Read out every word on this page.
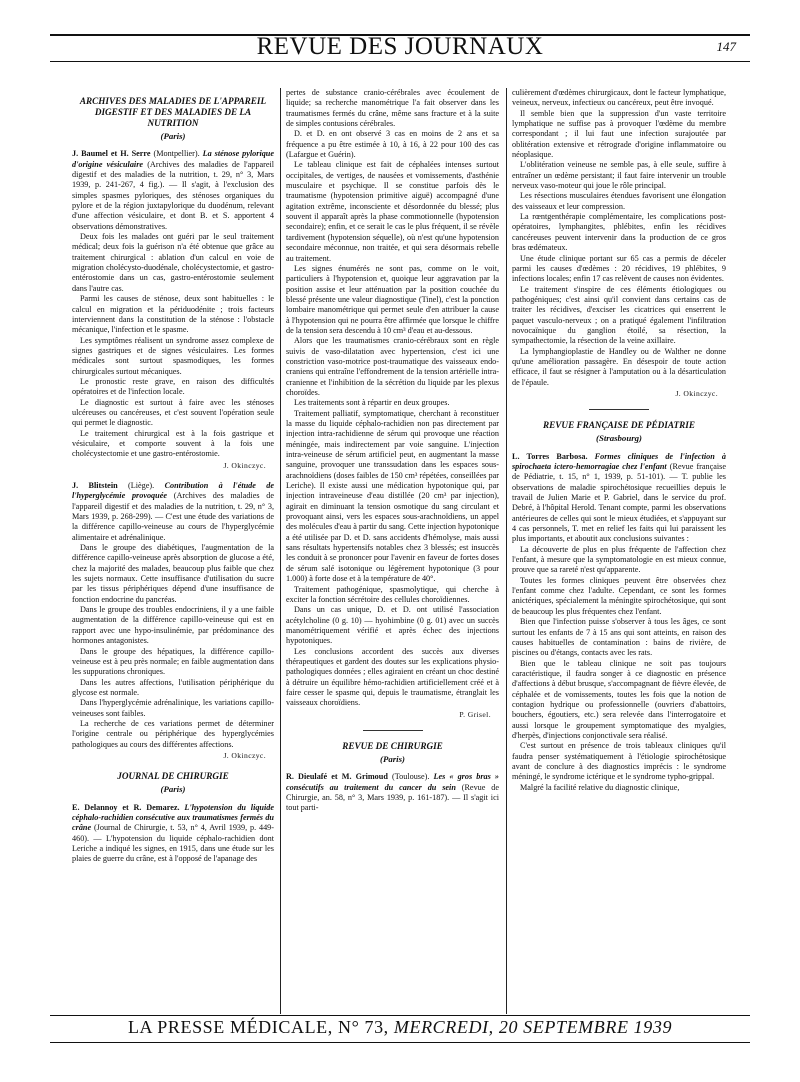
REVUE DES JOURNAUX	147
ARCHIVES DES MALADIES DE L'APPAREIL DIGESTIF ET DES MALADIES DE LA NUTRITION
(Paris)

J. Baumel et H. Serre (Montpellier). La sténose pylorique d'origine vésiculaire (Archives des maladies de l'appareil digestif et des maladies de la nutrition, t. 29, n° 3, Mars 1939, p. 241-267, 4 fig.). — Il s'agit, à l'exclusion des simples spasmes pyloriques, des sténoses organiques du pylore et de la région juxtapylorique du duodénum, relevant d'une affection vésiculaire, et dont B. et S. apportent 4 observations démonstratives.

Deux fois les malades ont guéri par le seul traitement médical; deux fois la guérison n'a été obtenue que grâce au traitement chirurgical : ablation d'un calcul en voie de migration cholécysto-duodénale, cholécystectomie, et gastro-entérostomie dans un cas, gastro-entérostomie seulement dans l'autre cas.

Parmi les causes de sténose, deux sont habituelles : le calcul en migration et la périduodénite ; trois facteurs interviennent dans la constitution de la sténose : l'obstacle mécanique, l'infection et le spasme.

Les symptômes réalisent un syndrome assez complexe de signes gastriques et de signes vésiculaires. Les formes médicales sont surtout spasmodiques, les formes chirurgicales surtout mécaniques.

Le pronostic reste grave, en raison des difficultés opératoires et de l'infection locale.

Le diagnostic est surtout à faire avec les sténoses ulcéreuses ou cancéreuses, et c'est souvent l'opération seule qui permet le diagnostic.

Le traitement chirurgical est à la fois gastrique et vésiculaire, et comporte souvent à la fois une cholécystectomie et une gastro-entérostomie.

J. Okinczyc.

J. Blitstein (Liège). Contribution à l'étude de l'hyperglycémie provoquée (Archives des maladies de l'appareil digestif et des maladies de la nutrition, t. 29, n° 3, Mars 1939, p. 268-299). — C'est une étude des variations de la différence capillo-veineuse au cours de l'hyperglycémie alimentaire et adrénalinique.

Dans le groupe des diabétiques, l'augmentation de la différence capillo-veineuse après absorption de glucose a été, chez la majorité des malades, beaucoup plus faible que chez les sujets normaux. Cette insuffisance d'utilisation du sucre par les tissus périphériques dépend d'une insuffisance de fonction endocrine du pancréas.

Dans le groupe des troubles endocriniens, il y a une faible augmentation de la différence capillo-veineuse qui est en rapport avec une hypo-insulinémie, par prédominance des hormones antagonistes.

Dans le groupe des hépatiques, la différence capillo-veineuse est à peu près normale; en faible augmentation dans les suppurations chroniques.

Dans les autres affections, l'utilisation périphérique du glycose est normale.

Dans l'hyperglycémie adrénalinique, les variations capillo-veineuses sont faibles.

La recherche de ces variations permet de déterminer l'origine centrale ou périphérique des hyperglycémies pathologiques au cours des différentes affections.

J. Okinczyc.
JOURNAL DE CHIRURGIE
(Paris)

E. Delannoy et R. Demarez. L'hypotension du liquide céphalo-rachidien consécutive aux traumatismes fermés du crâne (Journal de Chirurgie, t. 53, n° 4, Avril 1939, p. 449-460). — L'hypotension du liquide céphalo-rachidien dont Leriche a indiqué les signes, en 1915, dans une étude sur les plaies de guerre du crâne, est à l'opposé de l'apanage des

pertes de substance cranio-cérébrales avec écoulement de liquide; sa recherche manométrique l'a fait observer dans les traumatismes fermés du crâne, même sans fracture et à la suite de simples contusions cérébrales.

D. et D. en ont observé 3 cas en moins de 2 ans et sa fréquence a pu être estimée à 10, à 16, à 22 pour 100 des cas (Lafargue et Guérin).

Le tableau clinique est fait de céphalées intenses surtout occipitales, de vertiges, de nausées et vomissements, d'asthénie musculaire et psychique. Il se constitue parfois dès le traumatisme (hypotension primitive aiguë) accompagné d'une agitation extrême, inconsciente et désordonnée du blessé; plus souvent il apparaît après la phase commotionnelle (hypotension secondaire); enfin, et ce serait le cas le plus fréquent, il se révèle tardivement (hypotension séquelle), où n'est qu'une hypotension secondaire méconnue, non traitée, et qui sera désormais rebelle au traitement.

Les signes énumérés ne sont pas, comme on le voit, particuliers à l'hypotension et, quoique leur aggravation par la position assise et leur atténuation par la position couchée du blessé présente une valeur diagnostique (Tinel), c'est la ponction lombaire manométrique qui permet seule d'en attribuer la cause à l'hypotension qui ne pourra être affirmée que lorsque le chiffre de la tension sera descendu à 10 cm³ d'eau et au-dessous.

Alors que les traumatismes cranio-cérébraux sont en règle suivis de vaso-dilatation avec hypertension, c'est ici une constriction vaso-motrice post-traumatique des vaisseaux endo-craniens qui entraîne l'effondrement de la tension artérielle intra-cranienne et l'inhibition de la sécrétion du liquide par les plexus choroïdes.

Les traitements sont à répartir en deux groupes.

Traitement palliatif, symptomatique, cherchant à reconstituer la masse du liquide céphalo-rachidien non pas directement par injection intra-rachidienne de sérum qui provoque une réaction méningée, mais indirectement par voie sanguine. L'injection intra-veineuse de sérum artificiel peut, en augmentant la masse sanguine, provoquer une transsudation dans les espaces sous-arachnoïdiens (doses faibles de 150 cm³ répétées, conseillées par Leriche). Il existe aussi une médication hypotonique qui, par injection intraveineuse d'eau distillée (20 cm³ par injection), agirait en diminuant la tension osmotique du sang circulant et provoquant ainsi, vers les espaces sous-arachnoïdiens, un appel des molécules d'eau à partir du sang. Cette injection hypotonique a été utilisée par D. et D. sans accidents d'hémolyse, mais aussi sans résultats hypertensifs notables chez 3 blessés; est insuccès les conduit à se prononcer pour l'avenir en faveur de fortes doses de sérum salé isotonique ou légèrement hypotonique (3 pour 1.000) à forte dose et à la température de 40°.

Traitement pathogénique, spasmolytique, qui cherche à exciter la fonction sécrétoire des cellules choroïdiennes.

Dans un cas unique, D. et D. ont utilisé l'association acétylcholine (0 g. 10) — hyohimbine (0 g. 01) avec un succès manométriquement vérifié et après échec des injections hypotoniques.

Les conclusions accordent des succès aux diverses thérapeutiques et gardent des doutes sur les explications physio-pathologiques données ; elles agiraient en créant un choc destiné à détruire un équilibre hémo-rachidien artificiellement créé et à faire cesser le spasme qui, depuis le traumatisme, étranglait les vaisseaux choroïdiens.

P. Grisel.
REVUE DE CHIRURGIE
(Paris)

R. Dieulafé et M. Grimoud (Toulouse). Les « gros bras » consécutifs au traitement du cancer du sein (Revue de Chirurgie, an. 58, n° 3, Mars 1939, p. 161-187). — Il s'agit ici tout parti-

culièrement d'œdèmes chirurgicaux, dont le facteur lymphatique, veineux, nerveux, infectieux ou cancéreux, peut être invoqué.

Il semble bien que la suppression d'un vaste territoire lymphatique ne suffise pas à provoquer l'œdème du membre correspondant ; il lui faut une infection surajoutée par oblitération extensive et rétrograde d'origine inflammatoire ou néoplasique.

L'oblitération veineuse ne semble pas, à elle seule, suffire à entraîner un œdème persistant; il faut faire intervenir un trouble nerveux vaso-moteur qui joue le rôle principal.

Les résections musculaires étendues favorisent une élongation des vaisseaux et leur compression.

La rœntgenthérapie complémentaire, les complications post-opératoires, lymphangites, phlébites, enfin les récidives cancéreuses peuvent intervenir dans la production de ce gros bras œdémateux.

Une étude clinique portant sur 65 cas a permis de déceler parmi les causes d'œdèmes : 20 récidives, 19 phlébites, 9 infections locales; enfin 17 cas relèvent de causes non évidentes.

Le traitement s'inspire de ces éléments étiologiques ou pathogéniques; c'est ainsi qu'il convient dans certains cas de traiter les récidives, d'exciser les cicatrices qui enserrent le paquet vasculo-nerveux ; on a pratiqué également l'infiltration novocaïnique du ganglion étoilé, sa résection, la sympathectomie, la résection de la veine axillaire.

La lymphangioplastie de Handley ou de Walther ne donne qu'une amélioration passagère. En désespoir de toute action efficace, il faut se résigner à l'amputation ou à la désarticulation de l'épaule.

J. Okinczyc.
REVUE FRANÇAISE DE PÉDIATRIE
(Strasbourg)

L. Torres Barbosa. Formes cliniques de l'infection à spirochaeta ictero-hemorragiae chez l'enfant (Revue française de Pédiatrie, t. 15, n° 1, 1939, p. 51-101). — T. publie les observations de maladie spirochétosique recueillies depuis le travail de Julien Marie et P. Gabriel, dans le service du prof. Debré, à l'hôpital Herold. Tenant compte, parmi les observations antérieures de celles qui sont le mieux étudiées, et s'appuyant sur 4 cas personnels, T. met en relief les faits qui lui paraissent les plus importants, et aboutit aux conclusions suivantes :

La découverte de plus en plus fréquente de l'affection chez l'enfant, à mesure que la symptomatologie en est mieux connue, prouve que sa rareté n'est qu'apparente.

Toutes les formes cliniques peuvent être observées chez l'enfant comme chez l'adulte. Cependant, ce sont les formes anictériques, spécialement la méningite spirochétosique, qui sont de beaucoup les plus fréquentes chez l'enfant.

Bien que l'infection puisse s'observer à tous les âges, ce sont surtout les enfants de 7 à 15 ans qui sont atteints, en raison des causes habituelles de contamination : bains de rivière, de piscines ou d'étangs, contacts avec les rats.

Bien que le tableau clinique ne soit pas toujours caractéristique, il faudra songer à ce diagnostic en présence d'affections à début brusque, s'accompagnant de fièvre élevée, de céphalée et de vomissements, toutes les fois que la notion de contagion hydrique ou professionnelle (ouvriers d'abattoirs, bouchers, égoutiers, etc.) sera relevée dans l'interrogatoire et aussi lorsque le groupement symptomatique des myalgies, d'herpès, d'injections conjonctivale sera réalisé.

C'est surtout en présence de trois tableaux cliniques qu'il faudra penser systématiquement à l'étiologie spirochétosique avant de conclure à des diagnostics imprécis : le syndrome méningé, le syndrome ictérique et le syndrome typho-grippal.

Malgré la facilité relative du diagnostic clinique,

LA PRESSE MÉDICALE, N° 73, MERCREDI, 20 SEPTEMBRE 1939
